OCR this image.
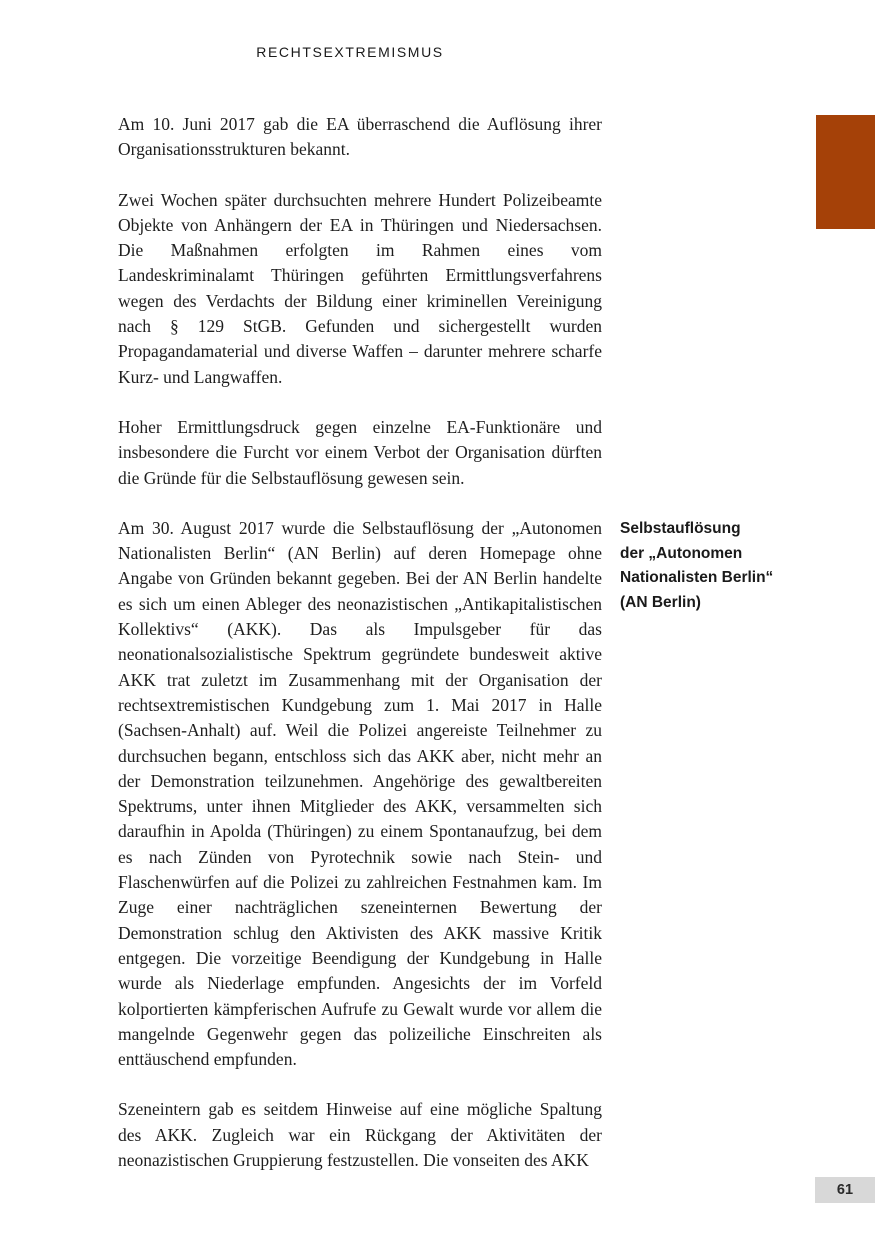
RECHTSEXTREMISMUS

Am 10. Juni 2017 gab die EA überraschend die Auflösung ihrer Organisationsstrukturen bekannt.

Zwei Wochen später durchsuchten mehrere Hundert Polizeibeamte Objekte von Anhängern der EA in Thüringen und Niedersachsen. Die Maßnahmen erfolgten im Rahmen eines vom Landeskriminalamt Thüringen geführten Ermittlungsverfahrens wegen des Verdachts der Bildung einer kriminellen Vereinigung nach § 129 StGB. Gefunden und sichergestellt wurden Propagandamaterial und diverse Waffen – darunter mehrere scharfe Kurz- und Langwaffen.

Hoher Ermittlungsdruck gegen einzelne EA-Funktionäre und insbesondere die Furcht vor einem Verbot der Organisation dürften die Gründe für die Selbstauflösung gewesen sein.

Am 30. August 2017 wurde die Selbstauflösung der „Autonomen Nationalisten Berlin“ (AN Berlin) auf deren Homepage ohne Angabe von Gründen bekannt gegeben. Bei der AN Berlin handelte es sich um einen Ableger des neonazistischen „Antikapitalistischen Kollektivs“ (AKK). Das als Impulsgeber für das neonationalsozialistische Spektrum gegründete bundesweit aktive AKK trat zuletzt im Zusammenhang mit der Organisation der rechtsextremistischen Kundgebung zum 1. Mai 2017 in Halle (Sachsen-Anhalt) auf. Weil die Polizei angereiste Teilnehmer zu durchsuchen begann, entschloss sich das AKK aber, nicht mehr an der Demonstration teilzunehmen. Angehörige des gewaltbereiten Spektrums, unter ihnen Mitglieder des AKK, versammelten sich daraufhin in Apolda (Thüringen) zu einem Spontanaufzug, bei dem es nach Zünden von Pyrotechnik sowie nach Stein- und Flaschenwürfen auf die Polizei zu zahlreichen Festnahmen kam. Im Zuge einer nachträglichen szeneinternen Bewertung der Demonstration schlug den Aktivisten des AKK massive Kritik entgegen. Die vorzeitige Beendigung der Kundgebung in Halle wurde als Niederlage empfunden. Angesichts der im Vorfeld kolportierten kämpferischen Aufrufe zu Gewalt wurde vor allem die mangelnde Gegenwehr gegen das polizeiliche Einschreiten als enttäuschend empfunden.

Szeneintern gab es seitdem Hinweise auf eine mögliche Spaltung des AKK. Zugleich war ein Rückgang der Aktivitäten der neonazistischen Gruppierung festzustellen. Die vonseiten des AKK

Selbstauflösung
der „Autonomen
Nationalisten Berlin“
(AN Berlin)
61
